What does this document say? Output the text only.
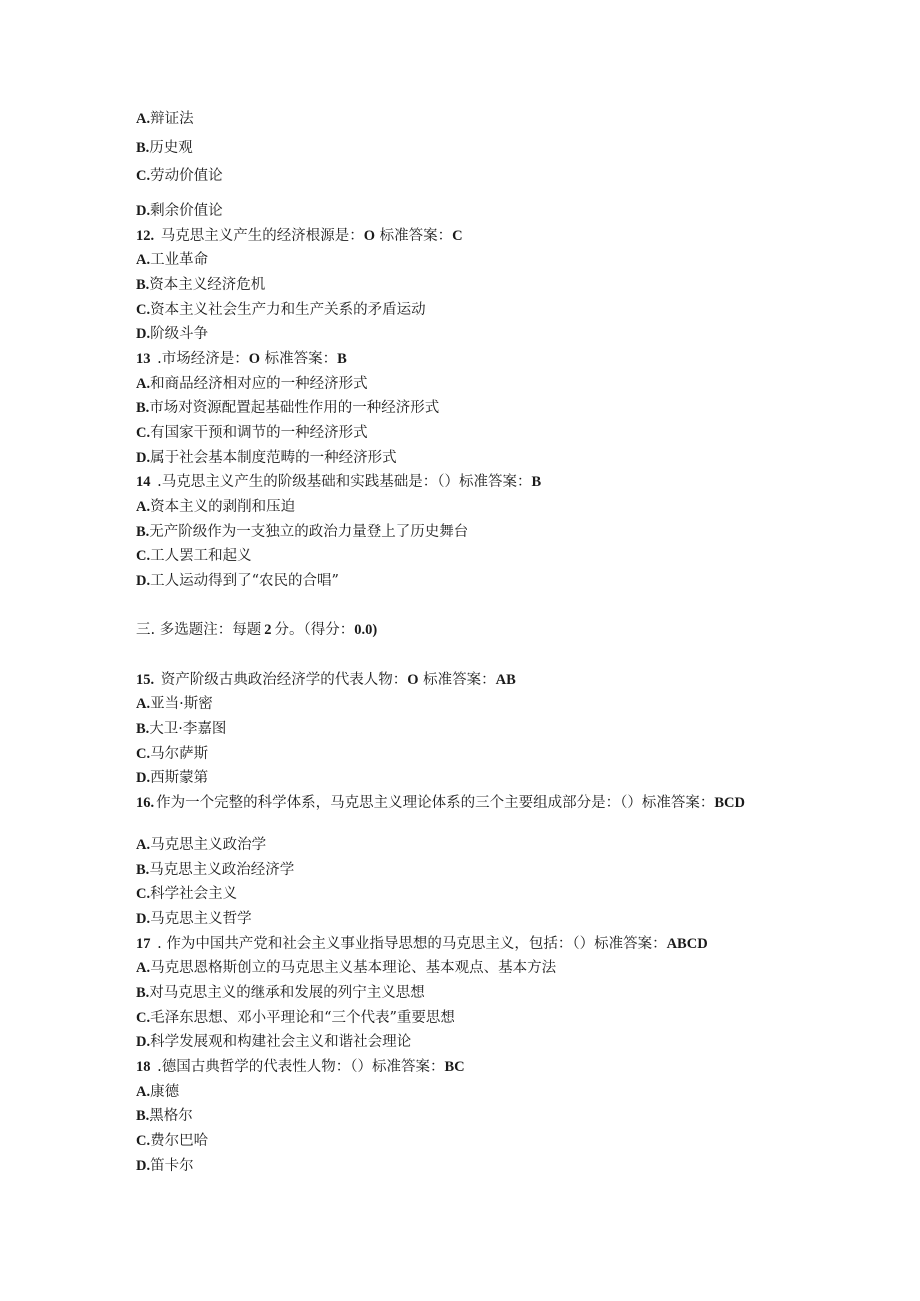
A.辩证法
B.历史观
C.劳动价值论
D.剩余价值论
12. 马克思主义产生的经济根源是：O 标准答案：C
A.工业革命
B.资本主义经济危机
C.资本主义社会生产力和生产关系的矛盾运动
D.阶级斗争
13 .市场经济是：O 标准答案：B
A.和商品经济相对应的一种经济形式
B.市场对资源配置起基础性作用的一种经济形式
C.有国家干预和调节的一种经济形式
D.属于社会基本制度范畴的一种经济形式
14 .马克思主义产生的阶级基础和实践基础是：（）标准答案：B
A.资本主义的剥削和压迫
B.无产阶级作为一支独立的政治力量登上了历史舞台
C.工人罢工和起义
D.工人运动得到了“农民的合唱”
三. 多选题注：每题 2 分。（得分：0.0)
15. 资产阶级古典政治经济学的代表人物：O 标准答案：AB
A.亚当·斯密
B.大卫·李嘉图
C.马尔萨斯
D.西斯蒙第
16. 作为一个完整的科学体系，马克思主义理论体系的三个主要组成部分是：（）标准答案：BCD
A.马克思主义政治学
B.马克思主义政治经济学
C.科学社会主义
D.马克思主义哲学
17 . 作为中国共产党和社会主义事业指导思想的马克思主义，包括：（）标准答案：ABCD
A.马克思恩格斯创立的马克思主义基本理论、基本观点、基本方法
B.对马克思主义的继承和发展的列宁主义思想
C.毛泽东思想、邓小平理论和“三个代表”重要思想
D.科学发展观和构建社会主义和谐社会理论
18 .德国古典哲学的代表性人物：（）标准答案：BC
A.康德
B.黑格尔
C.费尔巴哈
D.笛卡尔
